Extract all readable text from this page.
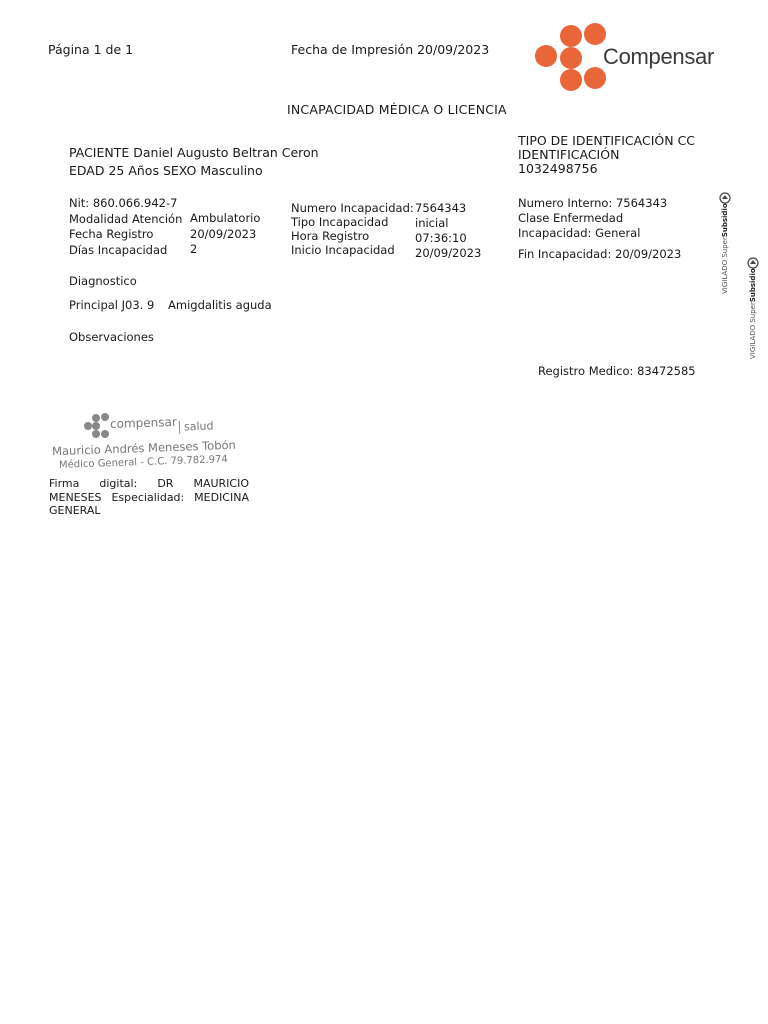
Página 1 de 1	Fecha de Impresión 20/09/2023	Compensar
INCAPACIDAD MÉDICA O LICENCIA
PACIENTE Daniel Augusto Beltran Ceron
EDAD 25 Años SEXO Masculino
TIPO DE IDENTIFICACIÓN CC
IDENTIFICACIÓN
1032498756
Nit: 860.066.942-7
Modalidad Atención
Fecha Registro
Días Incapacidad
Ambulatorio
20/09/2023
2
Numero Incapacidad:
Tipo Incapacidad
Hora Registro
Inicio Incapacidad
7564343
inicial
07:36:10
20/09/2023
Numero Interno: 7564343
Clase Enfermedad
Incapacidad: General
Fin Incapacidad: 20/09/2023
Diagnostico
Principal J03. 9 Amigdalitis aguda
Observaciones
Registro Medico: 83472585
compensar salud
Mauricio Andrés Meneses Tobón
Médico General - C.C. 79.782.974
Firma digital: DR MAURICIO MENESES Especialidad: MEDICINA GENERAL
VIGILADO SuperSubsidio
VIGILADO SuperSubsidio
